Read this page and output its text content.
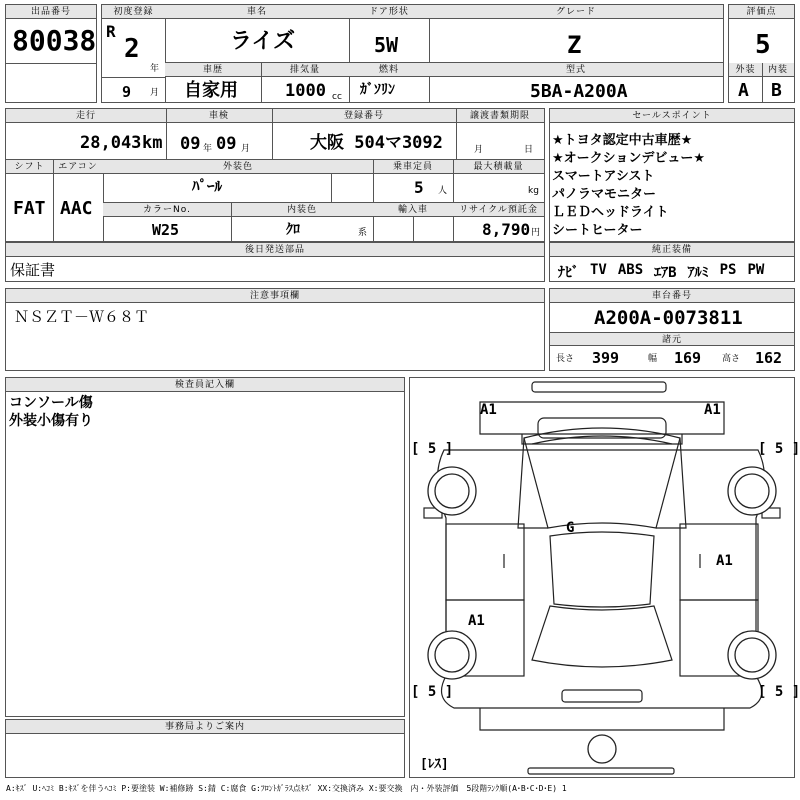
出品番号
80038
初度登録
R
2
年
9 月
車名
ライズ
ドア形状
5W
グレード
Z
車歴	排気量	燃料	型式
自家用	1000 cc ｶﾞｿﾘﾝ	5BA-A200A
評価点
5
外装	内装
A B
走行	車検	登録番号	譲渡書類期限
28,043 km 09 年 09 月	大阪 504マ3092	月	日
シフト	エアコン
FAT AAC
外装色	乗車定員	最大積載量
ﾊﾟｰﾙ	5 人	kg
カラーNo.	内装色	輸入車	リサイクル預託金
W25	ｸﾛ	系	8,790 円
後日発送部品
保証書
注意事項欄
ＮＳＺＴ－Ｗ６８Ｔ
セールスポイント
★トヨタ認定中古車歴★
★オークションデビュー★
スマートアシスト
パノラマモニター
ＬＥＤヘッドライト
シートヒーター
純正装備
ﾅﾋﾞ TV ABS ｴｱB ｱﾙﾐ PS PW
車台番号
A200A-0073811
諸元
長さ 399	幅 169 高さ 162
検査員記入欄
コンソール傷
外装小傷有り
事務局よりご案内
A1	A1
G
A1
A1
[ 5 ]	[ 5 ]
[ 5 ]	[ 5 ]
[ﾚｽ]
A:ｷｽﾞ U:ﾍｺﾐ B:ｷｽﾞを伴うﾍｺﾐ P:要塗装 W:補修跡 S:錆 C:腐食 G:ﾌﾛﾝﾄｶﾞﾗｽ点ｷｽﾞ XX:交換済み X:要交換　内・外装評価　5段階ﾗﾝｸ順(A･B･C･D･E) 1
